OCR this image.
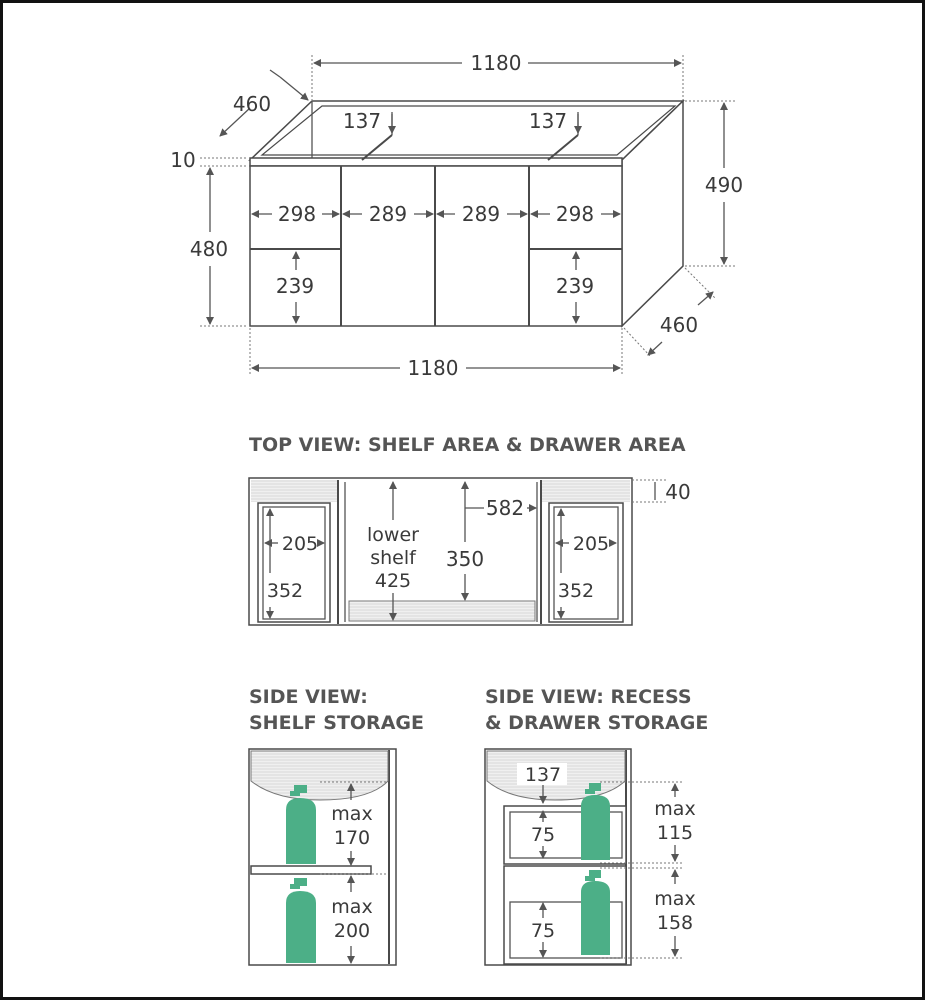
1180
460
137	137
10
480
490
298	289	289	298
239	239
460
1180
TOP VIEW: SHELF AREA & DRAWER AREA
40
582
lower
shelf
425
350
205
352
205
352
SIDE VIEW:
SHELF STORAGE
max
170
max
200
SIDE VIEW: RECESS
& DRAWER STORAGE
137
75
75
max
115
max
158
